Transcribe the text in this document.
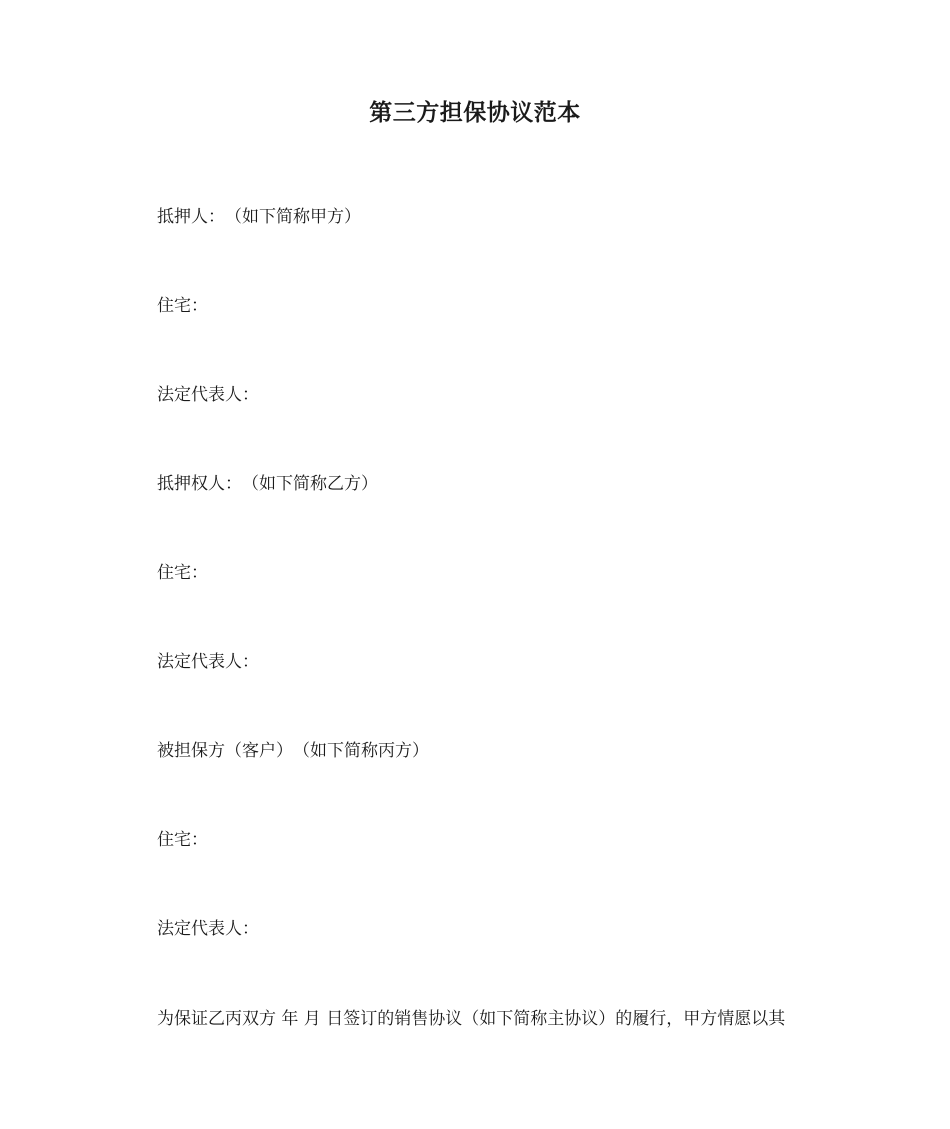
第三方担保协议范本

抵押人：　（如下简称甲方）

住宅：

法定代表人：

抵押权人：　（如下简称乙方）

住宅：

法定代表人：

被担保方（客户）　（如下简称丙方）

住宅：

法定代表人：

为保证乙丙双方 年 月 日签订的销售协议（如下简称主协议）的履行，甲方情愿以其
